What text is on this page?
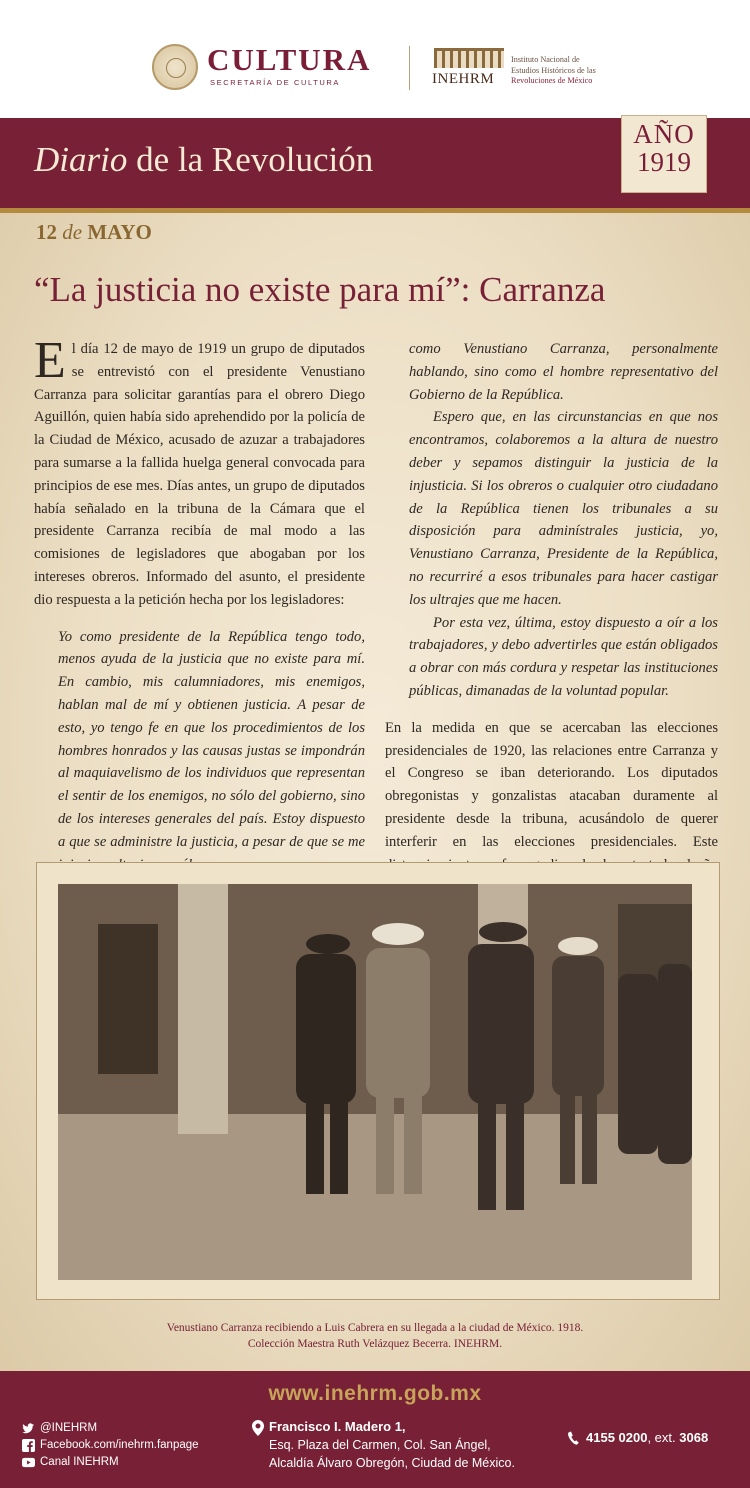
CULTURA
SECRETARÍA DE CULTURA	INEHRM
Instituto Nacional de
Estudios Históricos de las
Revoluciones de México
Diario de la Revolución
AÑO
1919
12 de MAYO
“La justicia no existe para mí”: Carranza

El día 12 de mayo de 1919 un grupo de diputados se entrevistó con el presidente Venustiano Carranza para solicitar garantías para el obrero Diego Aguillón, quien había sido aprehendido por la policía de la Ciudad de México, acusado de azuzar a trabajadores para sumarse a la fallida huelga general convocada para principios de ese mes. Días antes, un grupo de diputados había señalado en la tribuna de la Cámara que el presidente Carranza recibía de mal modo a las comisiones de legisladores que abogaban por los intereses obreros. Informado del asunto, el presidente dio respuesta a la petición hecha por los legisladores:

Yo como presidente de la República tengo todo, menos ayuda de la justicia que no existe para mí. En cambio, mis calumniadores, mis enemigos, hablan mal de mí y obtienen justicia. A pesar de esto, yo tengo fe en que los procedimientos de los hombres honrados y las causas justas se impondrán al maquiavelismo de los individuos que representan el sentir de los enemigos, no sólo del gobierno, sino de los intereses generales del país. Estoy dispuesto a que se administre la justicia, a pesar de que se me

como Venustiano Carranza, personalmente hablando, sino como el hombre representativo del Gobierno de la República.

Espero que, en las circunstancias en que nos encontramos, colaboremos a la altura de nuestro deber y sepamos distinguir la justicia de la injusticia. Si los obreros o cualquier otro ciudadano de la República tienen los tribunales a su disposición para adminístrales justicia, yo, Venustiano Carranza, Presidente de la República, no recurriré a esos tribunales para hacer castigar los ultrajes que me hacen.

Por esta vez, última, estoy dispuesto a oír a los trabajadores, y debo advertirles que están obligados a obrar con más cordura y respetar las instituciones públicas, dimanadas de la voluntad popular.

En la medida en que se acercaban las elecciones presidenciales de 1920, las relaciones entre Carranza y el Congreso se iban deteriorando. Los diputados obregonistas y gonzalistas atacaban duramente al presidente desde la tribuna, acusándolo de querer interferir en las elecciones presidenciales. Este

Venustiano Carranza recibiendo a Luis Cabrera en su llegada a la ciudad de México. 1918.
Colección Maestra Ruth Velázquez Becerra. INEHRM.
www.inehrm.gob.mx
@INEHRM
Facebook.com/inehrm.fanpage
Canal INEHRM
Francisco I. Madero 1,
Esq. Plaza del Carmen, Col. San Ángel,
Alcaldía Álvaro Obregón, Ciudad de México.
4155 0200, ext. 3068
